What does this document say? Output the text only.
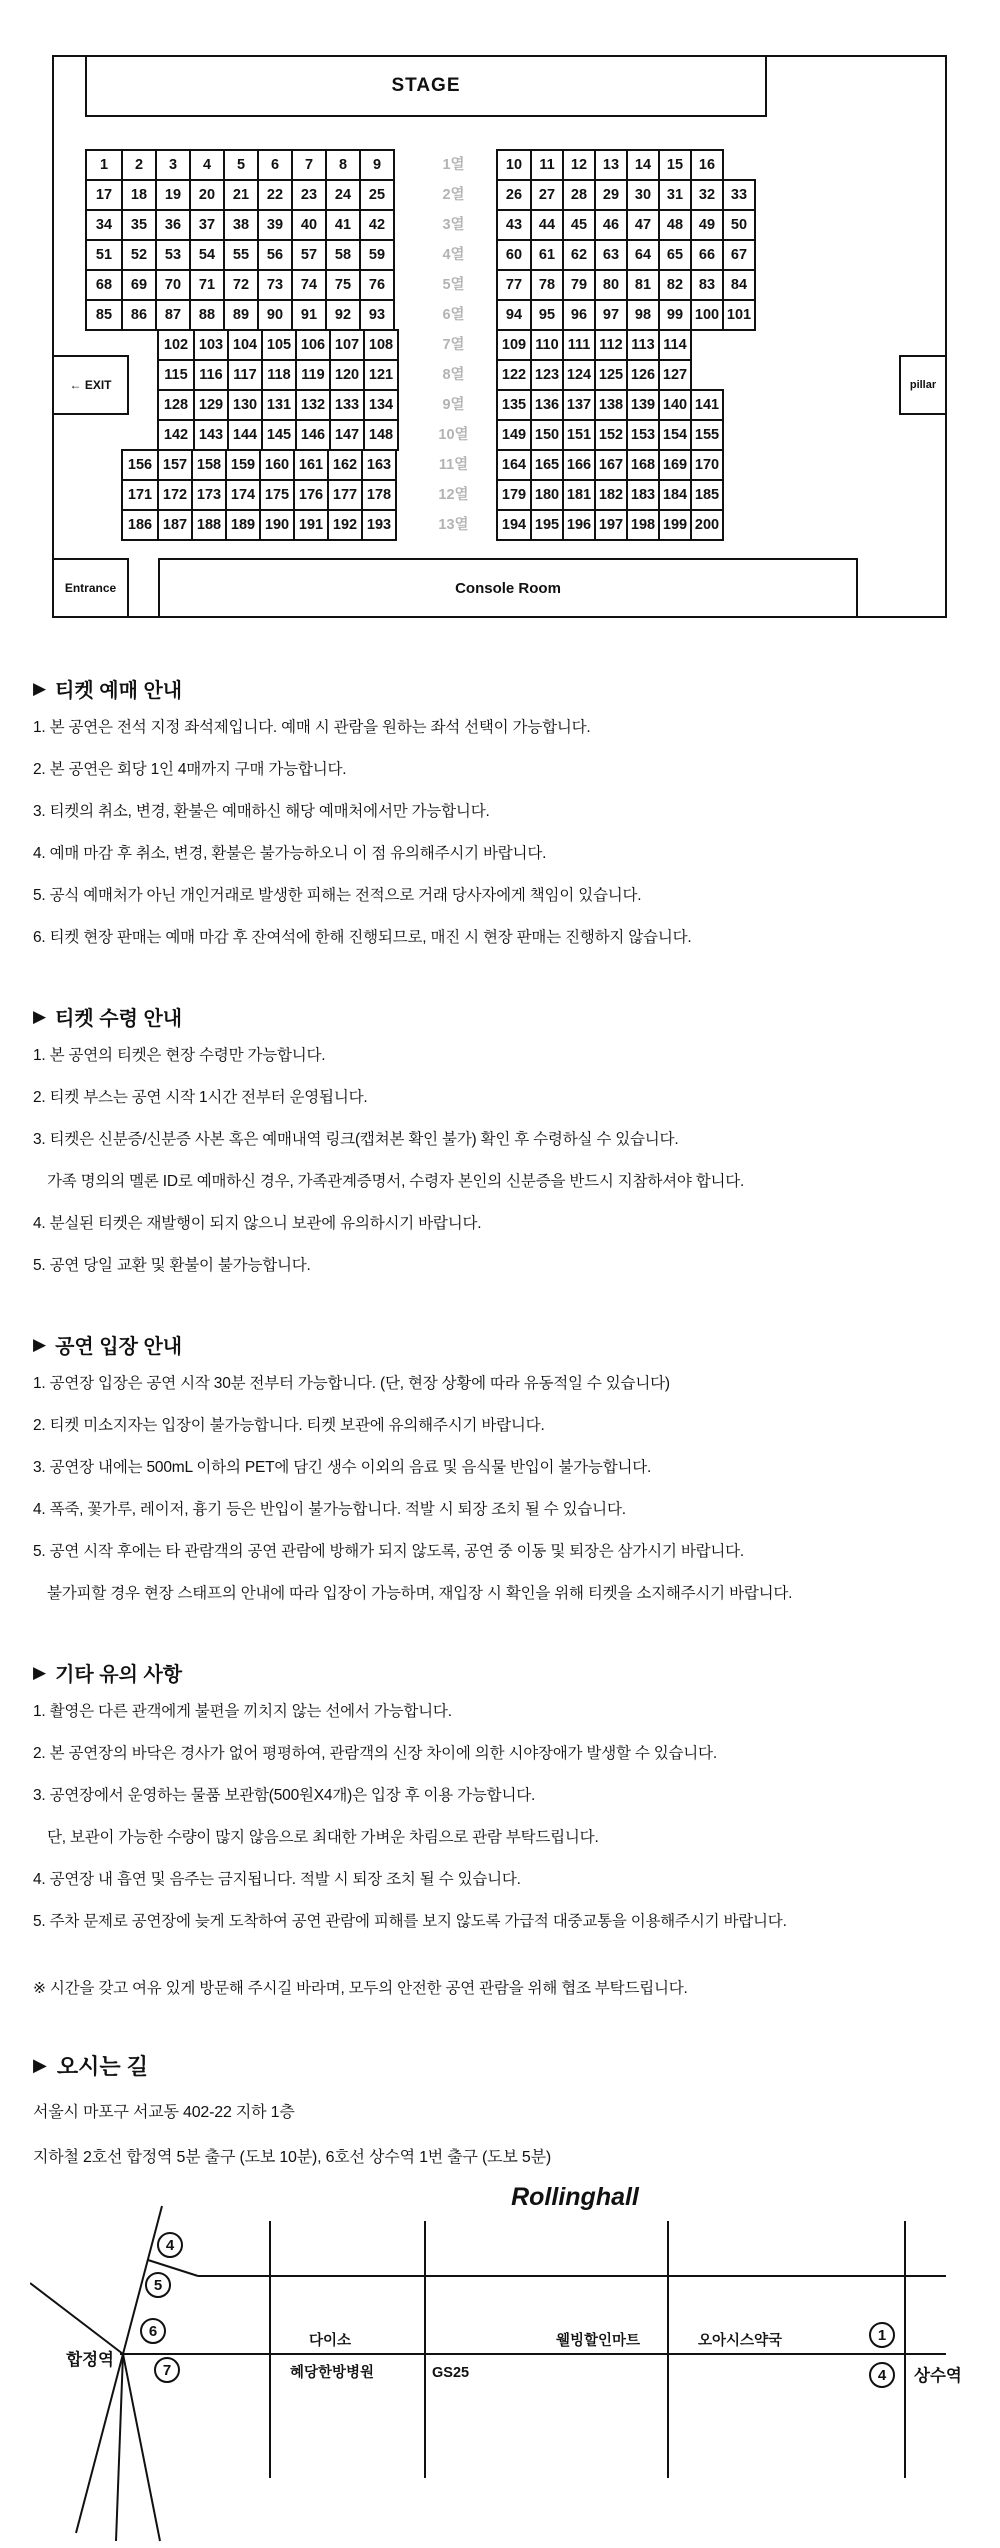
STAGE
1	2	3	4	5	6	7	8	9	1열	10	11	12	13	14	15	16
17	18	19	20	21	22	23	24	25	2열	26	27	28	29	30	31	32	33
34	35	36	37	38	39	40	41	42	3열	43	44	45	46	47	48	49	50
51	52	53	54	55	56	57	58	59	4열	60	61	62	63	64	65	66	67
68	69	70	71	72	73	74	75	76	5열	77	78	79	80	81	82	83	84
85	86	87	88	89	90	91	92	93	6열	94	95	96	97	98	99 100 101
102 103 104 105 106 107 108	7열	109 110 111 112 113 114
115 116 117 118 119 120 121	8열	122 123 124 125 126 127
128 129 130 131 132 133 134	9열	135 136 137 138 139 140 141
142 143 144 145 146 147 148	10열	149 150 151 152 153 154 155
156 157 158 159 160 161 162 163	11열	164 165 166 167 168 169 170
171 172 173 174 175 176 177 178	12열	179 180 181 182 183 184 185
186 187 188 189 190 191 192 193	13열	194 195 196 197 198 199 200
← EXIT
Entrance	Console Room
pillar
▶ 티켓 예매 안내
1. 본 공연은 전석 지정 좌석제입니다. 예매 시 관람을 원하는 좌석 선택이 가능합니다.
2. 본 공연은 회당 1인 4매까지 구매 가능합니다.
3. 티켓의 취소, 변경, 환불은 예매하신 해당 예매처에서만 가능합니다.
4. 예매 마감 후 취소, 변경, 환불은 불가능하오니 이 점 유의해주시기 바랍니다.
5. 공식 예매처가 아닌 개인거래로 발생한 피해는 전적으로 거래 당사자에게 책임이 있습니다.
6. 티켓 현장 판매는 예매 마감 후 잔여석에 한해 진행되므로, 매진 시 현장 판매는 진행하지 않습니다.
▶ 티켓 수령 안내
1. 본 공연의 티켓은 현장 수령만 가능합니다.
2. 티켓 부스는 공연 시작 1시간 전부터 운영됩니다.
3. 티켓은 신분증/신분증 사본 혹은 예매내역 링크(캡쳐본 확인 불가) 확인 후 수령하실 수 있습니다.
가족 명의의 멜론 ID로 예매하신 경우, 가족관계증명서, 수령자 본인의 신분증을 반드시 지참하셔야 합니다.
4. 분실된 티켓은 재발행이 되지 않으니 보관에 유의하시기 바랍니다.
5. 공연 당일 교환 및 환불이 불가능합니다.
▶ 공연 입장 안내
1. 공연장 입장은 공연 시작 30분 전부터 가능합니다. (단, 현장 상황에 따라 유동적일 수 있습니다)
2. 티켓 미소지자는 입장이 불가능합니다. 티켓 보관에 유의해주시기 바랍니다.
3. 공연장 내에는 500mL 이하의 PET에 담긴 생수 이외의 음료 및 음식물 반입이 불가능합니다.
4. 폭죽, 꽃가루, 레이저, 흉기 등은 반입이 불가능합니다. 적발 시 퇴장 조치 될 수 있습니다.
5. 공연 시작 후에는 타 관람객의 공연 관람에 방해가 되지 않도록, 공연 중 이동 및 퇴장은 삼가시기 바랍니다.
불가피할 경우 현장 스태프의 안내에 따라 입장이 가능하며, 재입장 시 확인을 위해 티켓을 소지해주시기 바랍니다.
▶ 기타 유의 사항
1. 촬영은 다른 관객에게 불편을 끼치지 않는 선에서 가능합니다.
2. 본 공연장의 바닥은 경사가 없어 평평하여, 관람객의 신장 차이에 의한 시야장애가 발생할 수 있습니다.
3. 공연장에서 운영하는 물품 보관함(500원X4개)은 입장 후 이용 가능합니다.
단, 보관이 가능한 수량이 많지 않음으로 최대한 가벼운 차림으로 관람 부탁드립니다.
4. 공연장 내 흡연 및 음주는 금지됩니다. 적발 시 퇴장 조치 될 수 있습니다.
5. 주차 문제로 공연장에 늦게 도착하여 공연 관람에 피해를 보지 않도록 가급적 대중교통을 이용해주시기 바랍니다.
※ 시간을 갖고 여유 있게 방문해 주시길 바라며, 모두의 안전한 공연 관람을 위해 협조 부탁드립니다.
▶ 오시는 길
서울시 마포구 서교동 402-22 지하 1층
지하철 2호선 합정역 5분 출구 (도보 10분), 6호선 상수역 1번 출구 (도보 5분)
4
5
6
7
1
4
Rollinghall
합정역
다이소	웰빙할인마트	오아시스약국
혜당한방병원	GS25	상수역
